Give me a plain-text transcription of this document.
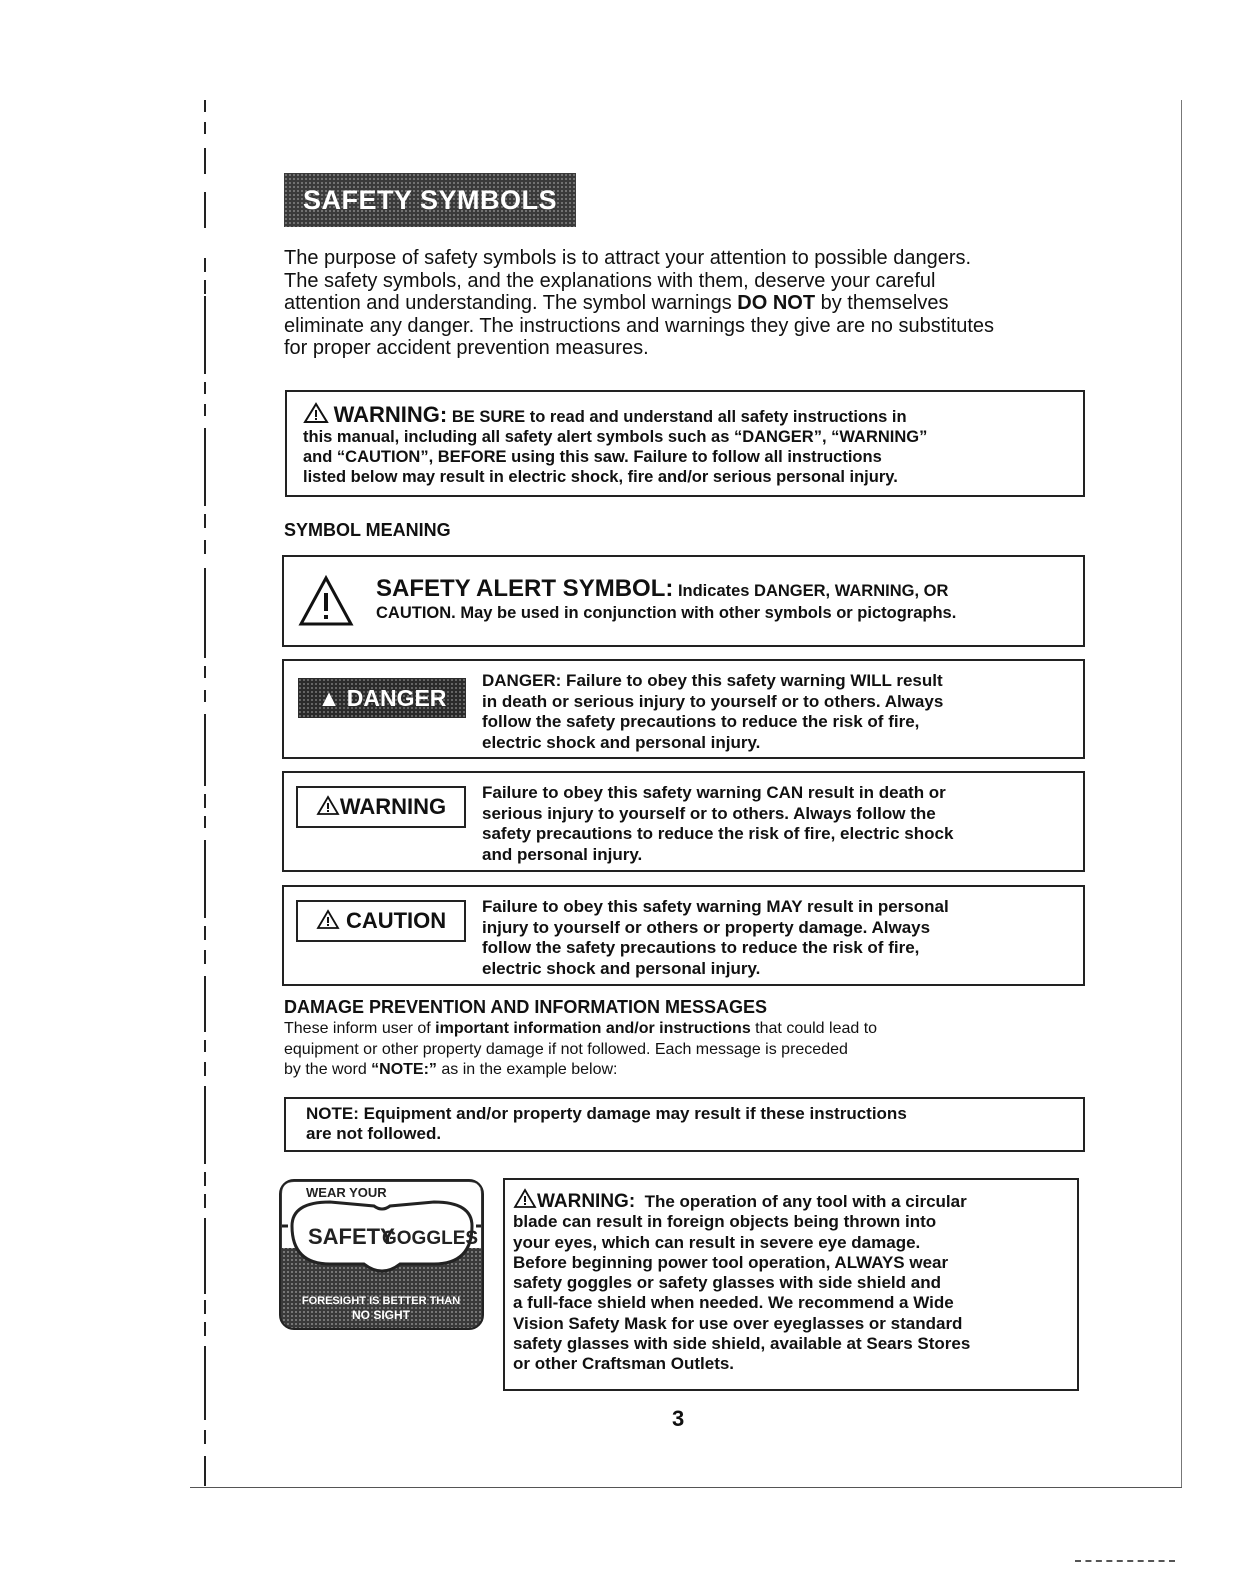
SAFETY SYMBOLS
The purpose of safety symbols is to attract your attention to possible dangers.
The safety symbols, and the explanations with them, deserve your careful
attention and understanding. The symbol warnings DO NOT by themselves
eliminate any danger. The instructions and warnings they give are no substitutes
for proper accident prevention measures.
WARNING: BE SURE to read and understand all safety instructions in
this manual, including all safety alert symbols such as “DANGER”, “WARNING”
and “CAUTION”, BEFORE using this saw. Failure to follow all instructions
listed below may result in electric shock, fire and/or serious personal injury.
SYMBOL MEANING
SAFETY ALERT SYMBOL: Indicates DANGER, WARNING, OR
CAUTION. May be used in conjunction with other symbols or pictographs.
▲ DANGER
DANGER: Failure to obey this safety warning WILL result
in death or serious injury to yourself or to others. Always
follow the safety precautions to reduce the risk of fire,
electric shock and personal injury.
WARNING
Failure to obey this safety warning CAN result in death or
serious injury to yourself or to others. Always follow the
safety precautions to reduce the risk of fire, electric shock
and personal injury.
CAUTION
Failure to obey this safety warning MAY result in personal
injury to yourself or others or property damage. Always
follow the safety precautions to reduce the risk of fire,
electric shock and personal injury.
DAMAGE PREVENTION AND INFORMATION MESSAGES
These inform user of important information and/or instructions that could lead to
equipment or other property damage if not followed. Each message is preceded
by the word “NOTE:” as in the example below:
NOTE: Equipment and/or property damage may result if these instructions
are not followed.
WEAR YOUR
SAFETY
GOGGLES
FORESIGHT IS BETTER THAN
NO SIGHT
WARNING:  The operation of any tool with a circular
blade can result in foreign objects being thrown into
your eyes, which can result in severe eye damage.
Before beginning power tool operation, ALWAYS wear
safety goggles or safety glasses with side shield and
a full-face shield when needed. We recommend a Wide
Vision Safety Mask for use over eyeglasses or standard
safety glasses with side shield, available at Sears Stores
or other Craftsman Outlets.
3
